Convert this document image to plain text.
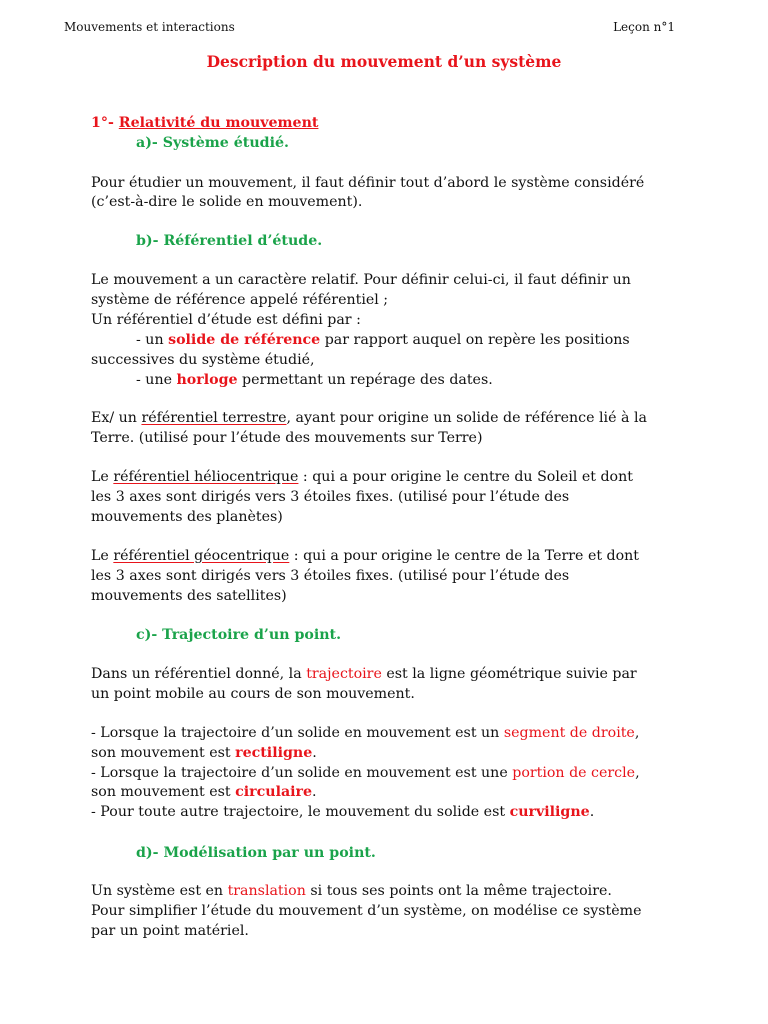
Mouvements et interactions	Leçon n°1
Description du mouvement d’un système
1°- Relativité du mouvement
a)- Système étudié.
Pour étudier un mouvement, il faut définir tout d’abord le système considéré
(c’est-à-dire le solide en mouvement).
b)- Référentiel d’étude.
Le mouvement a un caractère relatif. Pour définir celui-ci, il faut définir un
système de référence appelé référentiel ;
Un référentiel d’étude est défini par :
- un solide de référence par rapport auquel on repère les positions
successives du système étudié,
- une horloge permettant un repérage des dates.
Ex/ un référentiel terrestre, ayant pour origine un solide de référence lié à la
Terre. (utilisé pour l’étude des mouvements sur Terre)
Le référentiel héliocentrique : qui a pour origine le centre du Soleil et dont
les 3 axes sont dirigés vers 3 étoiles fixes. (utilisé pour l’étude des
mouvements des planètes)
Le référentiel géocentrique : qui a pour origine le centre de la Terre et dont
les 3 axes sont dirigés vers 3 étoiles fixes. (utilisé pour l’étude des
mouvements des satellites)
c)- Trajectoire d’un point.
Dans un référentiel donné, la trajectoire est la ligne géométrique suivie par
un point mobile au cours de son mouvement.
- Lorsque la trajectoire d’un solide en mouvement est un segment de droite,
son mouvement est rectiligne.
- Lorsque la trajectoire d’un solide en mouvement est une portion de cercle,
son mouvement est circulaire.
- Pour toute autre trajectoire, le mouvement du solide est curviligne.
d)- Modélisation par un point.
Un système est en translation si tous ses points ont la même trajectoire.
Pour simplifier l’étude du mouvement d’un système, on modélise ce système
par un point matériel.
